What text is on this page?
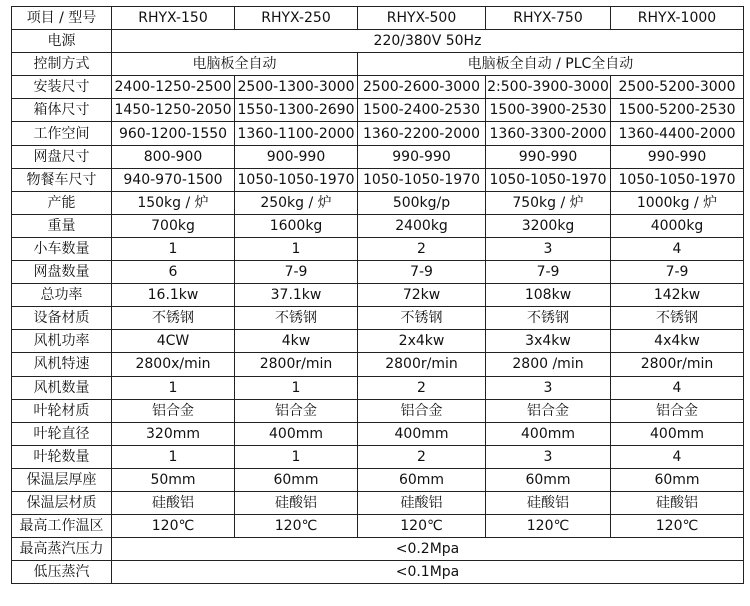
项目 / 型号	RHYX-150	RHYX-250	RHYX-500	RHYX-750	RHYX-1000
电源	220/380V 50Hz				
控制方式	电脑板全自动		电脑板全自动 / PLC全自动		
安装尺寸	2400-1250-2500	2500-1300-3000	2500-2600-3000	2:500-3900-3000	2500-5200-3000
箱体尺寸	1450-1250-2050	1550-1300-2690	1500-2400-2530	1500-3900-2530	1500-5200-2530
工作空间	960-1200-1550	1360-1100-2000	1360-2200-2000	1360-3300-2000	1360-4400-2000
网盘尺寸	800-900	900-990	990-990	990-990	990-990
物餐车尺寸	940-970-1500	1050-1050-1970	1050-1050-1970	1050-1050-1970	1050-1050-1970
产能	150kg / 炉	250kg / 炉	500kg/p	750kg / 炉	1000kg / 炉
重量	700kg	1600kg	2400kg	3200kg	4000kg
小车数量	1	1	2	3	4
网盘数量	6	7-9	7-9	7-9	7-9
总功率	16.1kw	37.1kw	72kw	108kw	142kw
设备材质	不锈钢	不锈钢	不锈钢	不锈钢	不锈钢
风机功率	4CW	4kw	2x4kw	3x4kw	4x4kw
风机特速	2800x/min	2800r/min	2800r/min	2800 /min	2800r/min
风机数量	1	1	2	3	4
叶轮材质	铝合金	铝合金	铝合金	铝合金	铝合金
叶轮直径	320mm	400mm	400mm	400mm	400mm
叶轮数量	1	1	2	3	4
保温层厚座	50mm	60mm	60mm	60mm	60mm
保温层材质	硅酸铝	硅酸铝	硅酸铝	硅酸铝	硅酸铝
最高工作温区	120℃	120℃	120℃	120℃	120℃
最高蒸汽压力	<0.2Mpa				
低压蒸汽	<0.1Mpa				
